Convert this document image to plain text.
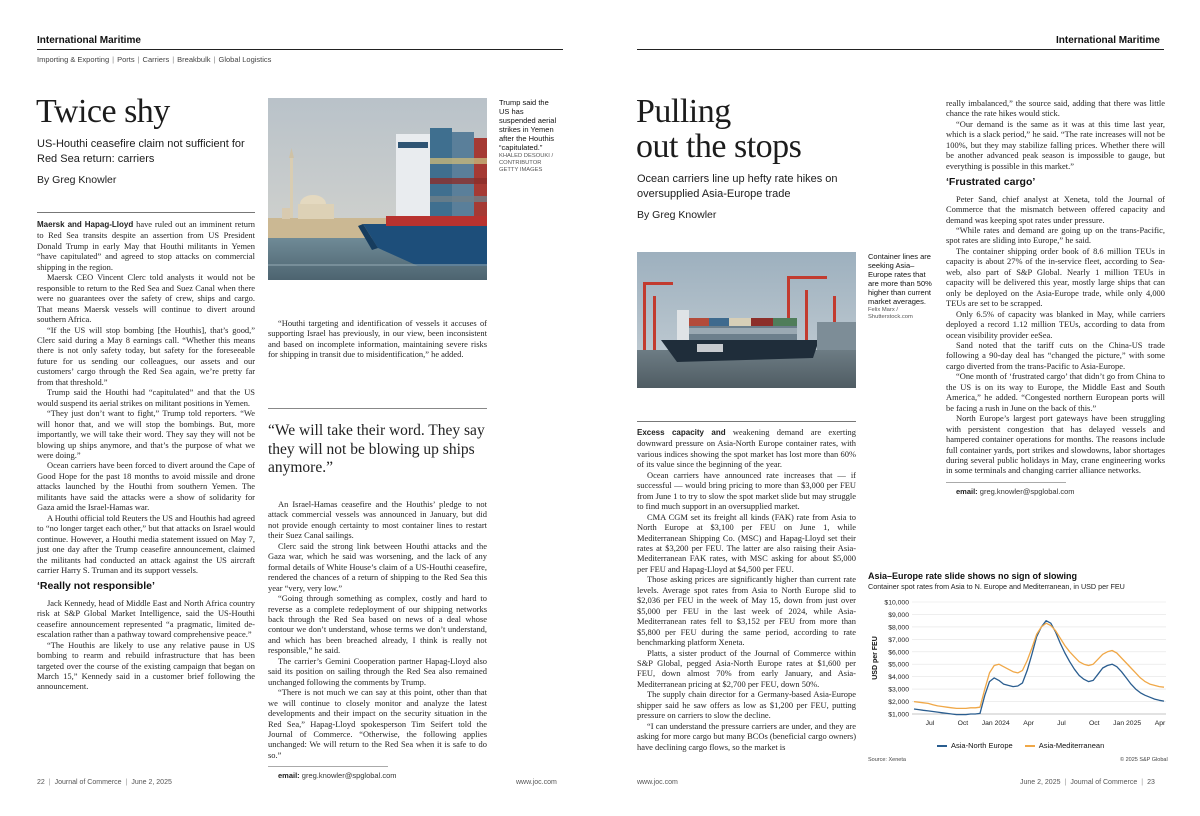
International Maritime
Importing & Exporting | Ports | Carriers | Breakbulk | Global Logistics
Twice shy
US-Houthi ceasefire claim not sufficient for Red Sea return: carriers
By Greg Knowler
Trump said the US has suspended aerial strikes in Yemen after the Houthis “capitulated.”
KHALED DESOUKI / CONTRIBUTOR GETTY IMAGES

Maersk and Hapag-Lloyd have ruled out an imminent return to Red Sea transits despite an assertion from US President Donald Trump in early May that Houthi militants in Yemen “have capitulated” and agreed to stop attacks on commercial shipping in the region.

Maersk CEO Vincent Clerc told analysts it would not be responsible to return to the Red Sea and Suez Canal when there were no guarantees over the safety of crew, ships and cargo. That means Maersk vessels will continue to divert around southern Africa.

“If the US will stop bombing [the Houthis], that’s good,” Clerc said during a May 8 earnings call. “Whether this means there is not only safety today, but safety for the foreseeable future for us sending our colleagues, our assets and our customers’ cargo through the Red Sea again, we’re pretty far from that threshold.”

Trump said the Houthi had “capitulated” and that the US would suspend its aerial strikes on militant positions in Yemen.

“They just don’t want to fight,” Trump told reporters. “We will honor that, and we will stop the bombings. But, more importantly, we will take their word. They say they will not be blowing up ships anymore, and that’s the purpose of what we were doing.”

Ocean carriers have been forced to divert around the Cape of Good Hope for the past 18 months to avoid missile and drone attacks launched by the Houthi from southern Yemen. The militants have said the attacks were a show of solidarity for Gaza amid the Israel-Hamas war.

A Houthi official told Reuters the US and Houthis had agreed to “no longer target each other,” but that attacks on Israel would continue. However, a Houthi media statement issued on May 7, just one day after the Trump ceasefire announcement, claimed the militants had conducted an attack against the US aircraft carrier Harry S. Truman and its support vessels.

‘Really not responsible’

Jack Kennedy, head of Middle East and North Africa country risk at S&P Global Market Intelligence, said the US-Houthi ceasefire announcement represented “a pragmatic, limited de-escalation rather than a pathway toward comprehensive peace.”

“The Houthis are likely to use any relative pause in US bombing to rearm and rebuild infrastructure that has been targeted over the course of the existing campaign that began on March 15,” Kennedy said in a customer brief following the announcement.

“Houthi targeting and identification of vessels it accuses of supporting Israel has previously, in our view, been inconsistent and based on incomplete information, maintaining severe risks for shipping in transit due to misidentification,” he added.

“We will take their word. They say they will not be blowing up ships anymore.”

An Israel-Hamas ceasefire and the Houthis’ pledge to not attack commercial vessels was announced in January, but did not provide enough certainty to most container lines to restart their Suez Canal sailings.

Clerc said the strong link between Houthi attacks and the Gaza war, which he said was worsening, and the lack of any formal details of White House’s claim of a US-Houthi ceasefire, rendered the chances of a return of shipping to the Red Sea this year “very, very low.”

“Going through something as complex, costly and hard to reverse as a complete redeployment of our shipping networks back through the Red Sea based on news of a deal whose contour we don’t understand, whose terms we don’t understand, and which has been breached already, I think is really not responsible,” he said.

The carrier’s Gemini Cooperation partner Hapag-Lloyd also said its position on sailing through the Red Sea also remained unchanged following the comments by Trump.

“There is not much we can say at this point, other than that we will continue to closely monitor and analyze the latest developments and their impact on the security situation in the Red Sea,” Hapag-Lloyd spokesperson Tim Seifert told the Journal of Commerce. “Otherwise, the following applies unchanged: We will return to the Red Sea when it is safe to do so.”

email: greg.knowler@spglobal.com

22 | Journal of Commerce | June 2, 2025	www.joc.com
International Maritime
Pulling
out the stops
Ocean carriers line up hefty rate hikes on oversupplied Asia-Europe trade
By Greg Knowler
Container lines are seeking Asia–Europe rates that are more than 50% higher than current market averages.
Felix Marx / Shutterstock.com

Excess capacity and weakening demand are exerting downward pressure on Asia-North Europe container rates, with various indices showing the spot market has lost more than 60% of its value since the beginning of the year.

Ocean carriers have announced rate increases that — if successful — would bring pricing to more than $3,000 per FEU from June 1 to try to slow the spot market slide but may struggle to find much support in an oversupplied market.

CMA CGM set its freight all kinds (FAK) rate from Asia to North Europe at $3,100 per FEU on June 1, while Mediterranean Shipping Co. (MSC) and Hapag-Lloyd set their rates at $3,200 per FEU. The latter are also raising their Asia-Mediterranean FAK rates, with MSC asking for about $5,000 per FEU and Hapag-Lloyd at $4,500 per FEU.

Those asking prices are significantly higher than current rate levels. Average spot rates from Asia to North Europe slid to $2,036 per FEU in the week of May 15, down from just over $5,000 per FEU in the last week of 2024, while Asia-Mediterranean rates fell to $3,152 per FEU from more than $5,800 per FEU during the same period, according to rate benchmarking platform Xeneta.

Platts, a sister product of the Journal of Commerce within S&P Global, pegged Asia-North Europe rates at $1,600 per FEU, down almost 70% from early January, and Asia-Mediterranean pricing at $2,700 per FEU, down 50%.

The supply chain director for a Germany-based Asia-Europe shipper said he saw offers as low as $1,200 per FEU, putting pressure on carriers to slow the decline.

“I can understand the pressure carriers are under, and they are asking for more cargo but many BCOs (beneficial cargo owners) have declining cargo flows, so the market is

really imbalanced,” the source said, adding that there was little chance the rate hikes would stick.

“Our demand is the same as it was at this time last year, which is a slack period,” he said. “The rate increases will not be 100%, but they may stabilize falling prices. Whether there will be another advanced peak season is impossible to gauge, but everything is possible in this market.”

‘Frustrated cargo’

Peter Sand, chief analyst at Xeneta, told the Journal of Commerce that the mismatch between offered capacity and demand was keeping spot rates under pressure.

“While rates and demand are going up on the trans-Pacific, spot rates are sliding into Europe,” he said.

The container shipping order book of 8.6 million TEUs in capacity is about 27% of the in-service fleet, according to Sea-web, also part of S&P Global. Nearly 1 million TEUs in capacity will be delivered this year, mostly large ships that can only be deployed on the Asia-Europe trade, while only 4,000 TEUs are set to be scrapped.

Only 6.5% of capacity was blanked in May, while carriers deployed a record 1.12 million TEUs, according to data from ocean visibility provider eeSea.

Sand noted that the tariff cuts on the China-US trade following a 90-day deal has “changed the picture,” with some cargo diverted from the trans-Pacific to Asia-Europe.

“One month of ‘frustrated cargo’ that didn’t go from China to the US is on its way to Europe, the Middle East and South America,” he added. “Congested northern European ports will be facing a rush in June on the back of this.”

North Europe’s largest port gateways have been struggling with persistent congestion that has delayed vessels and hampered container operations for months. The reasons include full container yards, port strikes and slowdowns, labor shortages during several public holidays in May, crane engineering works in some terminals and changing carrier alliance networks.

email: greg.knowler@spglobal.com

Asia–Europe rate slide shows no sign of slowing
Container spot rates from Asia to N. Europe and Mediterranean, in USD per FEU
USD per FEU
$10,000
$9,000
$8,000
$7,000
$6,000
$5,000
$4,000
$3,000
$2,000
$1,000
Jul	Oct Jan 2024 Apr	Jul	Oct Jan 2025 Apr
Asia-North Europe	Asia-Mediterranean
Source: Xeneta	© 2025 S&P Global
www.joc.com	June 2, 2025 | Journal of Commerce | 23
